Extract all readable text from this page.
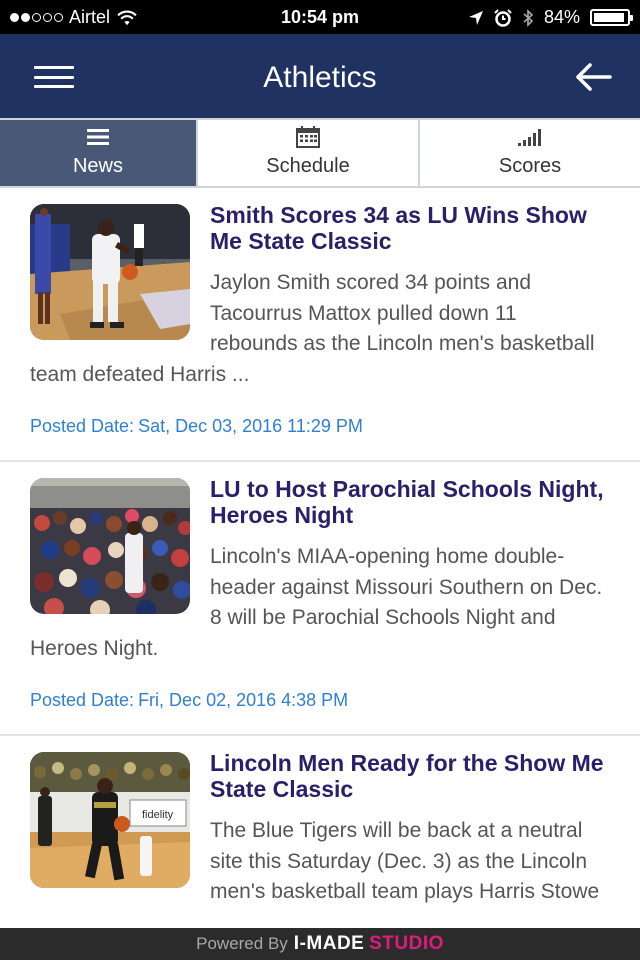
Airtel	10:54 pm	84%
Athletics
News	Schedule	Scores
Smith Scores 34 as LU Wins Show Me State Classic
Jaylon Smith scored 34 points and Tacourrus Mattox pulled down 11 rebounds as the Lincoln men's basketball team defeated Harris ...
Posted Date: Sat, Dec 03, 2016 11:29 PM
LU to Host Parochial Schools Night, Heroes Night
Lincoln's MIAA-opening home double-header against Missouri Southern on Dec. 8 will be Parochial Schools Night and Heroes Night.
Posted Date: Fri, Dec 02, 2016 4:38 PM
fidelity
Lincoln Men Ready for the Show Me State Classic
The Blue Tigers will be back at a neutral site this Saturday (Dec. 3) as the Lincoln men's basketball team plays Harris Stowe
Powered By I-MADE STUDIO
